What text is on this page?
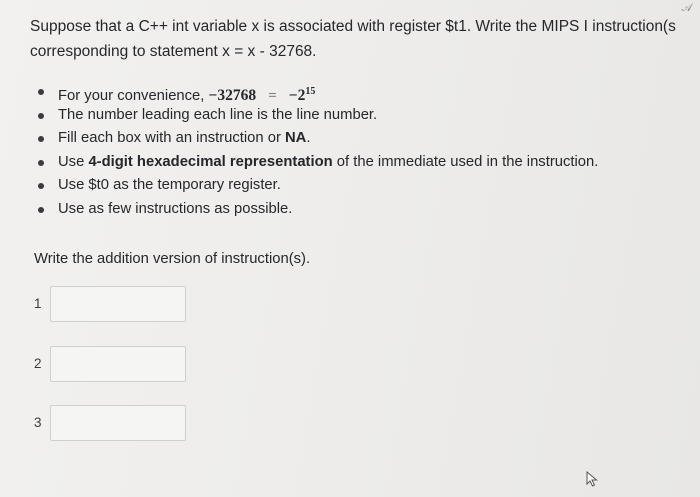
Suppose that a C++ int variable x is associated with register $t1. Write the MIPS I instruction(s
corresponding to statement x = x - 32768.
𝒜
For your convenience, $-32768 = -2^{15}$
The number leading each line is the line number.
Fill each box with an instruction or NA.
Use 4-digit hexadecimal representation of the immediate used in the instruction.
Use $t0 as the temporary register.
Use as few instructions as possible.
Write the addition version of instruction(s).
1
2
3
